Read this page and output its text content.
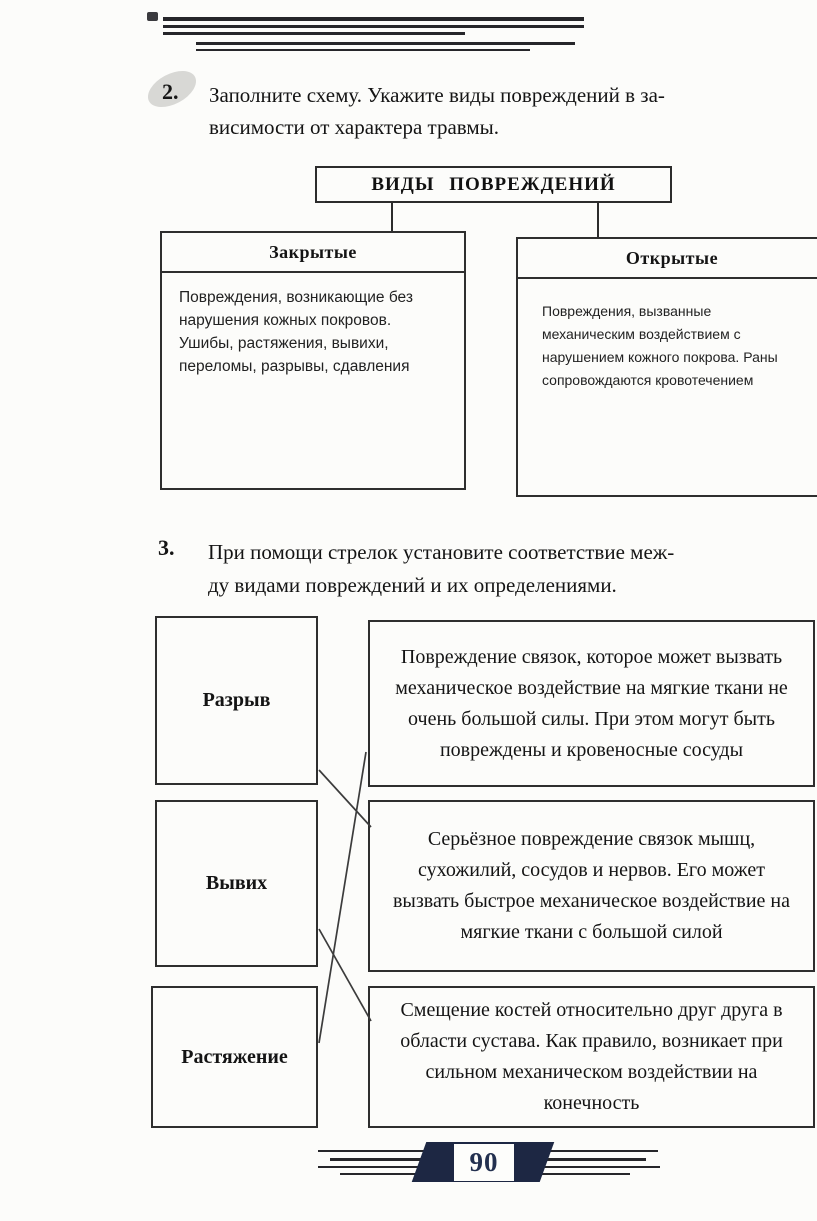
2. Заполните схему. Укажите виды повреждений в за-
висимости от характера травмы.
ВИДЫ ПОВРЕЖДЕНИЙ
Закрытые
Повреждения, возникающие без нарушения кожных покровов. Ушибы, растяжения, вывихи, переломы, разрывы, сдавления
Открытые
Повреждения, вызванные механическим воздействием с нарушением кожного покрова. Раны сопровождаются кровотечением
3. При помощи стрелок установите соответствие меж-
ду видами повреждений и их определениями.
Разрыв
Вывих
Растяжение
Повреждение связок, которое может вызвать механическое воздействие на мягкие ткани не очень большой силы. При этом могут быть повреждены и кровеносные сосуды
Серьёзное повреждение связок мышц, сухожилий, сосудов и нервов. Его может вызвать быстрое механическое воздействие на мягкие ткани с большой силой
Смещение костей относительно друг друга в области сустава. Как правило, возникает при сильном механическом воздействии на конечность
90
